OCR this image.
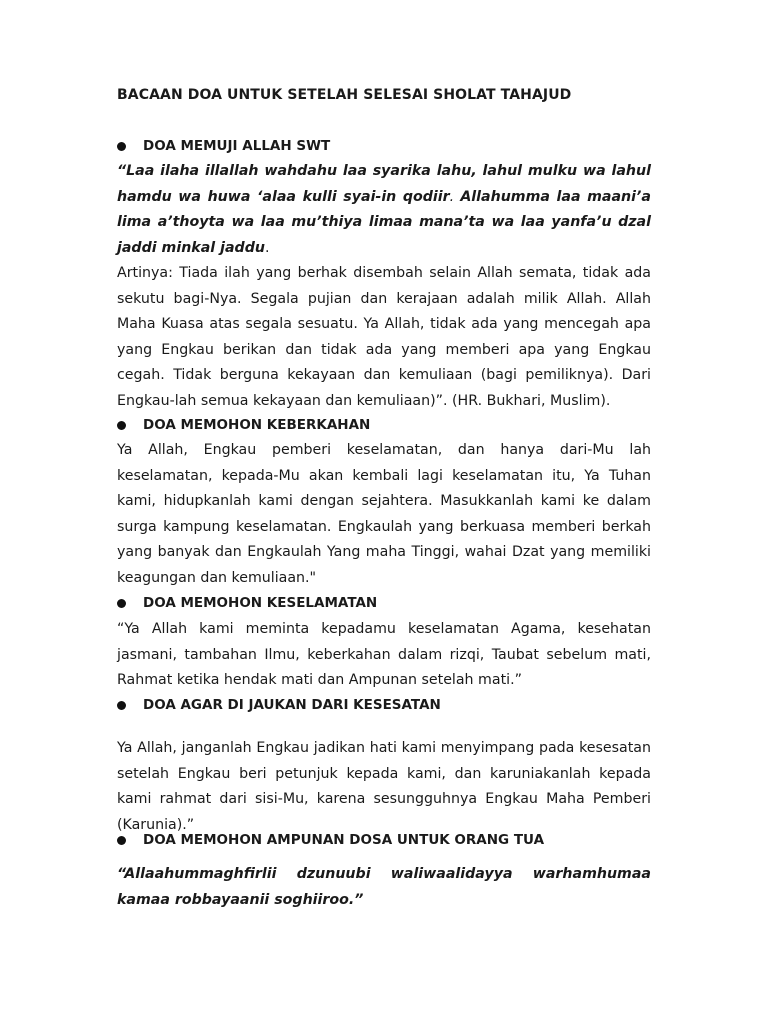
BACAAN DOA UNTUK SETELAH SELESAI SHOLAT TAHAJUD
DOA MEMUJI ALLAH SWT

“Laa ilaha illallah wahdahu laa syarika lahu, lahul mulku wa lahul hamdu wa huwa ‘alaa kulli syai-in qodiir. Allahumma laa maani’a lima a’thoyta wa laa mu’thiya limaa mana’ta wa laa yanfa’u dzal jaddi minkal jaddu.

Artinya: Tiada ilah yang berhak disembah selain Allah semata, tidak ada sekutu bagi-Nya. Segala pujian dan kerajaan adalah milik Allah. Allah Maha Kuasa atas segala sesuatu. Ya Allah, tidak ada yang mencegah apa yang Engkau berikan dan tidak ada yang memberi apa yang Engkau cegah. Tidak berguna kekayaan dan kemuliaan (bagi pemiliknya). Dari Engkau-lah semua kekayaan dan kemuliaan)”. (HR. Bukhari, Muslim).

DOA MEMOHON KEBERKAHAN

Ya Allah, Engkau pemberi keselamatan, dan hanya dari-Mu lah keselamatan, kepada-Mu akan kembali lagi keselamatan itu, Ya Tuhan kami, hidupkanlah kami dengan sejahtera. Masukkanlah kami ke dalam surga kampung keselamatan. Engkaulah yang berkuasa memberi berkah yang banyak dan Engkaulah Yang maha Tinggi, wahai Dzat yang memiliki keagungan dan kemuliaan."

DOA MEMOHON KESELAMATAN

“Ya Allah kami meminta kepadamu keselamatan Agama, kesehatan jasmani, tambahan Ilmu, keberkahan dalam rizqi, Taubat sebelum mati, Rahmat ketika hendak mati dan Ampunan setelah mati.”

DOA AGAR DI JAUKAN DARI KESESATAN

Ya Allah, janganlah Engkau jadikan hati kami menyimpang pada kesesatan setelah Engkau beri petunjuk kepada kami, dan karuniakanlah kepada kami rahmat dari sisi-Mu, karena sesungguhnya Engkau Maha Pemberi (Karunia).”

DOA MEMOHON AMPUNAN DOSA UNTUK ORANG TUA

“Allaahummaghfirlii dzunuubi waliwaalidayya warhamhumaa kamaa robbayaanii soghiiroo.”
